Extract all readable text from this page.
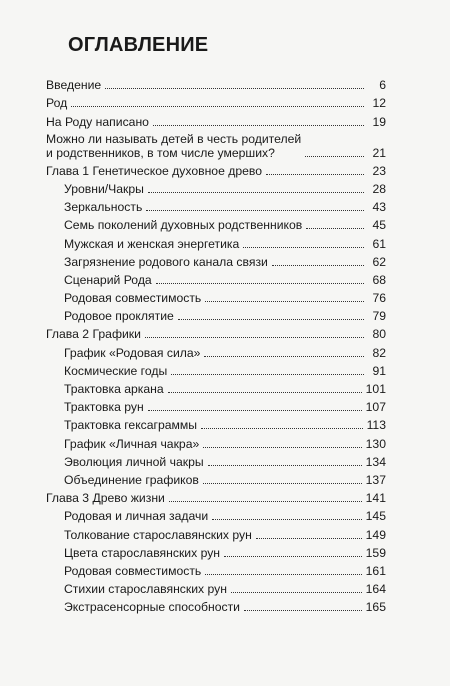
ОГЛАВЛЕНИЕ
Введение	6
Род	12
На Роду написано	19
Можно ли называть детей в честь родителей
и родственников, в том числе умерших?	21
Глава 1 Генетическое духовное древо	23
Уровни/Чакры	28
Зеркальность	43
Семь поколений духовных родственников	45
Мужская и женская энергетика	61
Загрязнение родового канала связи	62
Сценарий Рода	68
Родовая совместимость	76
Родовое проклятие	79
Глава 2 Графики	80
График «Родовая сила»	82
Космические годы	91
Трактовка аркана	101
Трактовка рун	107
Трактовка гексаграммы	113
График «Личная чакра»	130
Эволюция личной чакры	134
Объединение графиков	137
Глава 3 Древо жизни	141
Родовая и личная задачи	145
Толкование старославянских рун	149
Цвета старославянских рун	159
Родовая совместимость	161
Стихии старославянских рун	164
Экстрасенсорные способности	165
